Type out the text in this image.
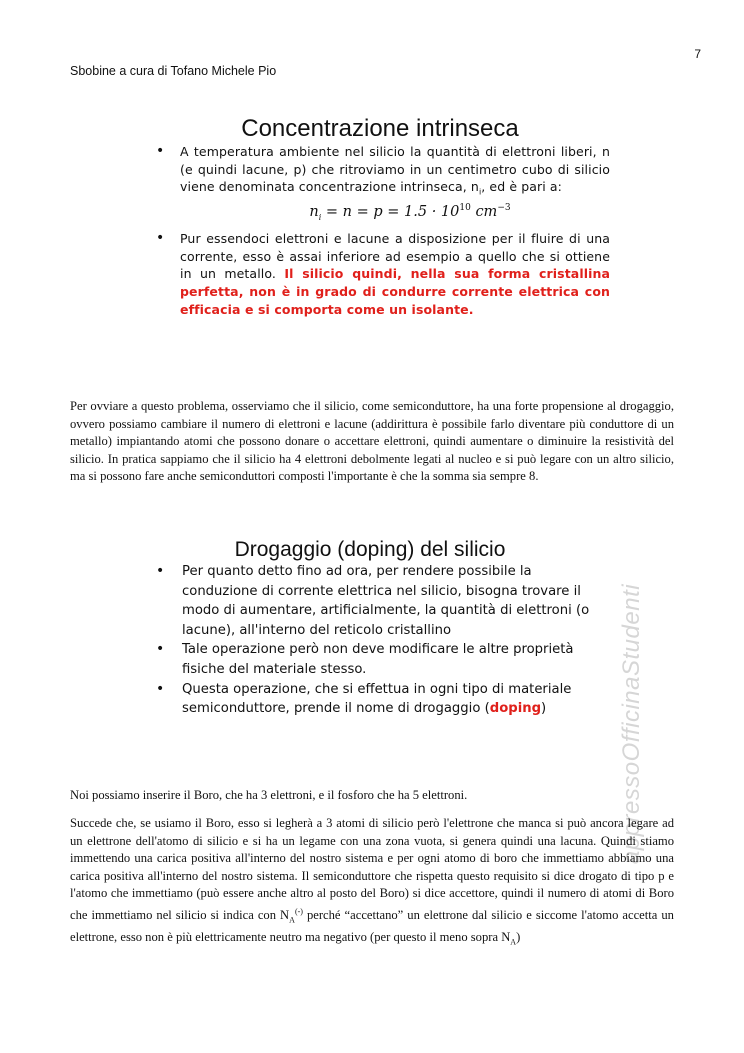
7
Sbobine a cura di Tofano Michele Pio
Concentrazione intrinseca
• A temperatura ambiente nel silicio la quantità di elettroni liberi, n (e quindi lacune, p) che ritroviamo in un centimetro cubo di silicio viene denominata concentrazione intrinseca, $n_i$, ed è pari a:
$n_i = n = p = 1.5 \cdot 10^{10}$ $cm^{-3}$
• Pur essendoci elettroni e lacune a disposizione per il fluire di una corrente, esso è assai inferiore ad esempio a quello che si ottiene in un metallo. Il silicio quindi, nella sua forma cristallina perfetta, non è in grado di condurre corrente elettrica con efficacia e si comporta come un isolante.

Per ovviare a questo problema, osserviamo che il silicio, come semiconduttore, ha una forte propensione al drogaggio, ovvero possiamo cambiare il numero di elettroni e lacune (addirittura è possibile farlo diventare più conduttore di un metallo) impiantando atomi che possono donare o accettare elettroni, quindi aumentare o diminuire la resistività del silicio. In pratica sappiamo che il silicio ha 4 elettroni debolmente legati al nucleo e si può legare con un altro silicio, ma si possono fare anche semiconduttori composti l'importante è che la somma sia sempre 8.

Drogaggio (doping) del silicio
• Per quanto detto fino ad ora, per rendere possibile la conduzione di corrente elettrica nel silicio, bisogna trovare il modo di aumentare, artificialmente, la quantità di elettroni (o lacune), all'interno del reticolo cristallino
• Tale operazione però non deve modificare le altre proprietà fisiche del materiale stesso.
• Questa operazione, che si effettua in ogni tipo di materiale semiconduttore, prende il nome di drogaggio (doping)	appressoOfficinaStudenti

Noi possiamo inserire il Boro, che ha 3 elettroni, e il fosforo che ha 5 elettroni.

Succede che, se usiamo il Boro, esso si legherà a 3 atomi di silicio però l'elettrone che manca si può ancora legare ad un elettrone dell'atomo di silicio e si ha un legame con una zona vuota, si genera quindi una lacuna. Quindi stiamo immettendo una carica positiva all'interno del nostro sistema e per ogni atomo di boro che immettiamo abbiamo una carica positiva all'interno del nostro sistema. Il semiconduttore che rispetta questo requisito si dice drogato di tipo p e l'atomo che immettiamo (può essere anche altro al posto del Boro) si dice accettore, quindi il numero di atomi di Boro che immettiamo nel silicio si indica con $N_A^{(-)}$ perché “accettano” un elettrone dal silicio e siccome l'atomo accetta un elettrone, esso non è più elettricamente neutro ma negativo (per questo il meno sopra $N_A$)
